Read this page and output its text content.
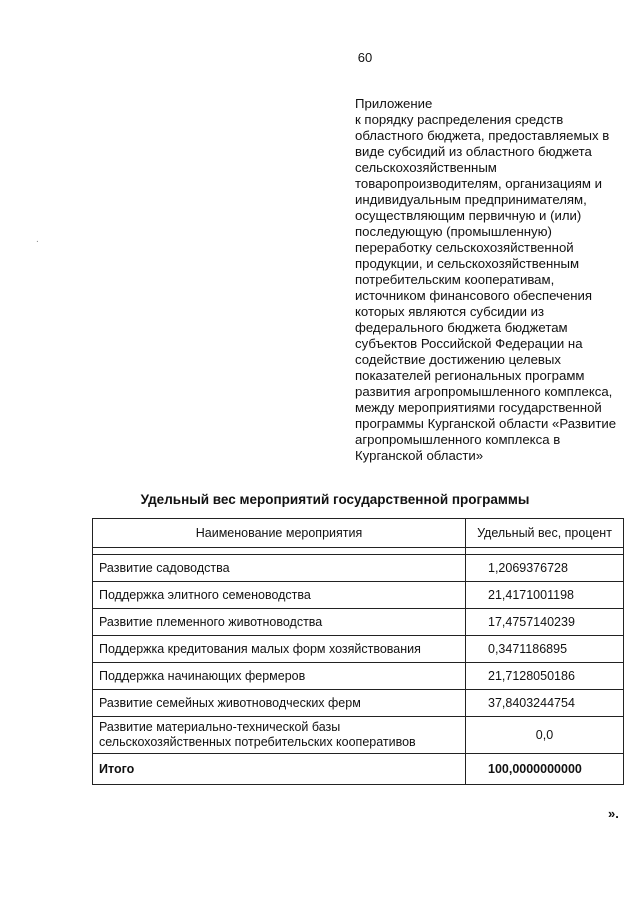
60
.
Приложение
к порядку распределения средств областного бюджета, предоставляемых в виде субсидий из областного бюджета сельскохозяйственным товаропроизводителям, организациям и индивидуальным предпринимателям, осуществляющим первичную и (или) последующую (промышленную) переработку сельскохозяйственной продукции, и сельскохозяйственным потребительским кооперативам, источником финансового обеспечения которых являются субсидии из федерального бюджета бюджетам субъектов Российской Федерации на содействие достижению целевых показателей региональных программ развития агропромышленного комплекса, между мероприятиями государственной программы Курганской области «Развитие агропромышленного комплекса в Курганской области»
Удельный вес мероприятий государственной программы
Наименование мероприятия	Удельный вес, процент

Развитие садоводства	1,2069376728
Поддержка элитного семеноводства	21,4171001198
Развитие племенного животноводства	17,4757140239
Поддержка кредитования малых форм хозяйствования	0,3471186895
Поддержка начинающих фермеров	21,7128050186
Развитие семейных животноводческих ферм	37,8403244754
Развитие материально-технической базы сельскохозяйственных потребительских кооперативов	0,0
Итого	100,0000000000
».
